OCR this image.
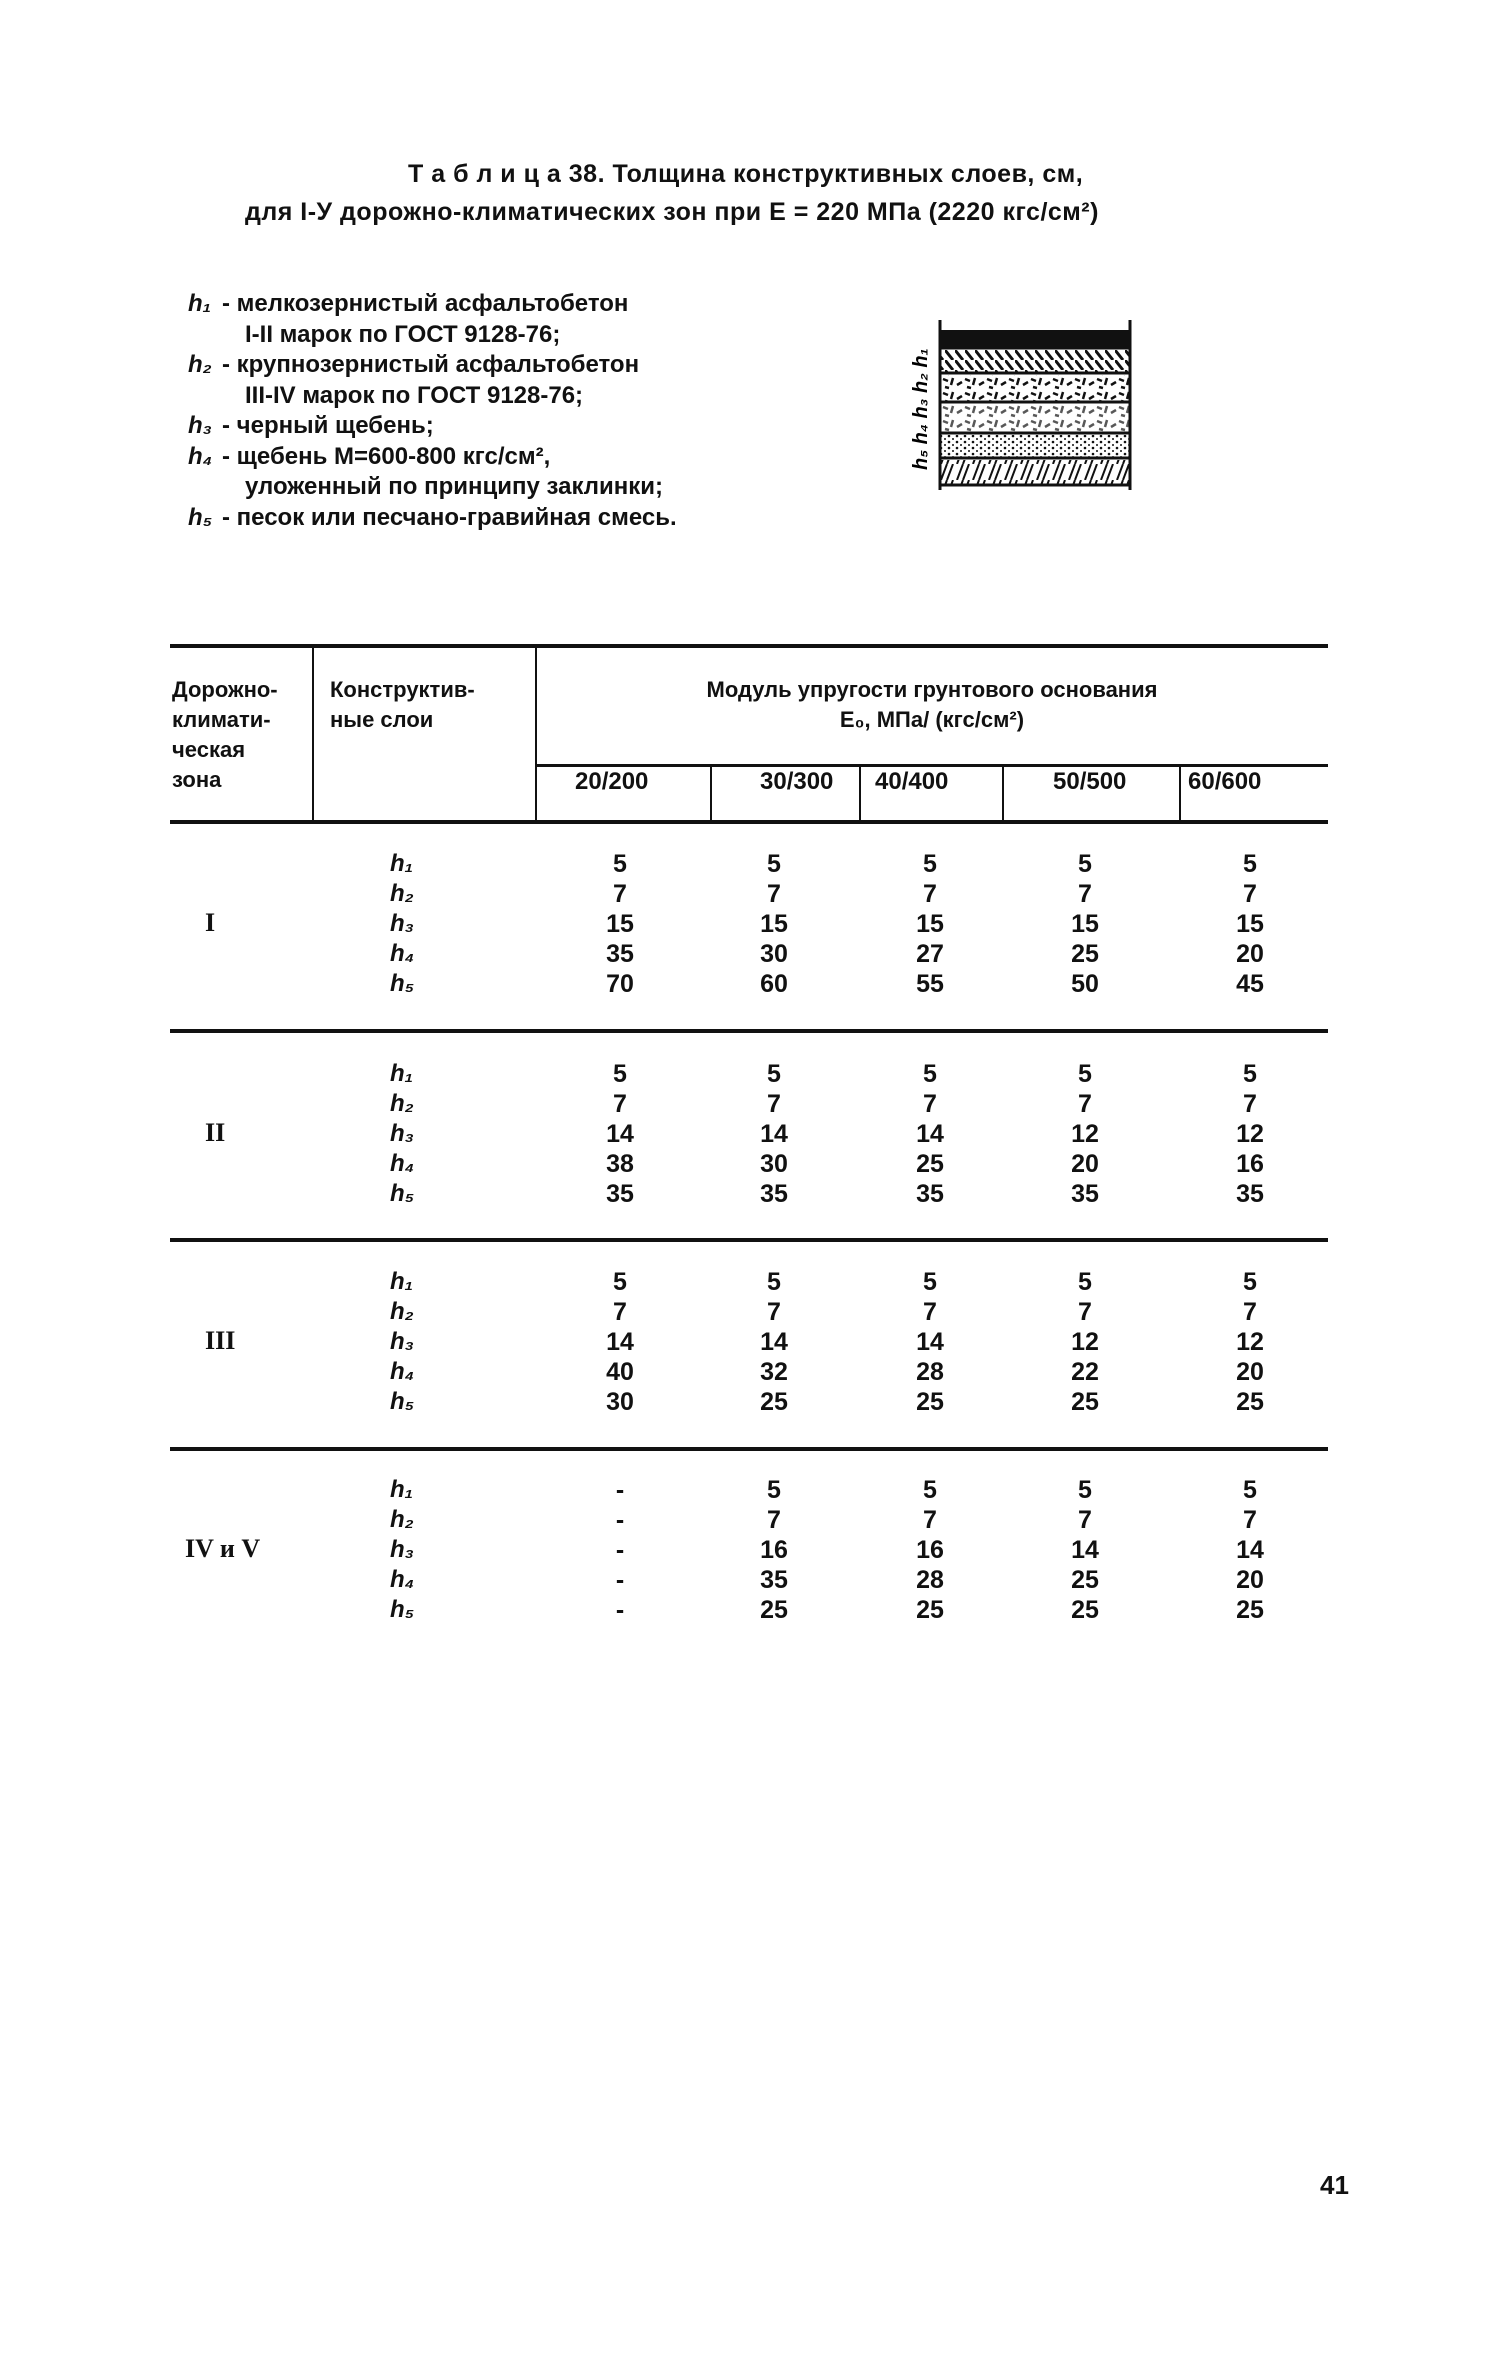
Т а б л и ц а 38. Толщина конструктивных слоев, см,
для I-У дорожно-климатических зон при E = 220 МПа (2220 кгс/см²)
h₅ h₄ h₃ h₂ h₁
Дорожно-
климати-
ческая
зона
Конструктив-
ные слои
Модуль упругости грунтового основания
E₀, МПа/ (кгс/см²)
41
h₁ - мелкозернистый асфальтобетон
I-II марок по ГОСТ 9128-76;
h₂ - крупнозернистый асфальтобетон
III-IV марок по ГОСТ 9128-76;
h₃ - черный щебень;
h₄ - щебень М=600-800 кгс/см²,
уложенный по принципу заклинки;
h₅ - песок или песчано-гравийная смесь.
20/200	30/300 40/400	50/500	60/600
I
h₁	5	5	5	5	5
h₂	7	7	7	7	7
h₃	15	15	15	15	15
h₄	35	30	27	25	20
h₅	70	60	55	50	45
II
h₁	5	5	5	5	5
h₂	7	7	7	7	7
h₃	14	14	14	12	12
h₄	38	30	25	20	16
h₅	35	35	35	35	35
III
h₁	5	5	5	5	5
h₂	7	7	7	7	7
h₃	14	14	14	12	12
h₄	40	32	28	22	20
h₅	30	25	25	25	25
IV и V
h₁	-	5	5	5	5
h₂	-	7	7	7	7
h₃	-	16	16	14	14
h₄	-	35	28	25	20
h₅	-	25	25	25	25
